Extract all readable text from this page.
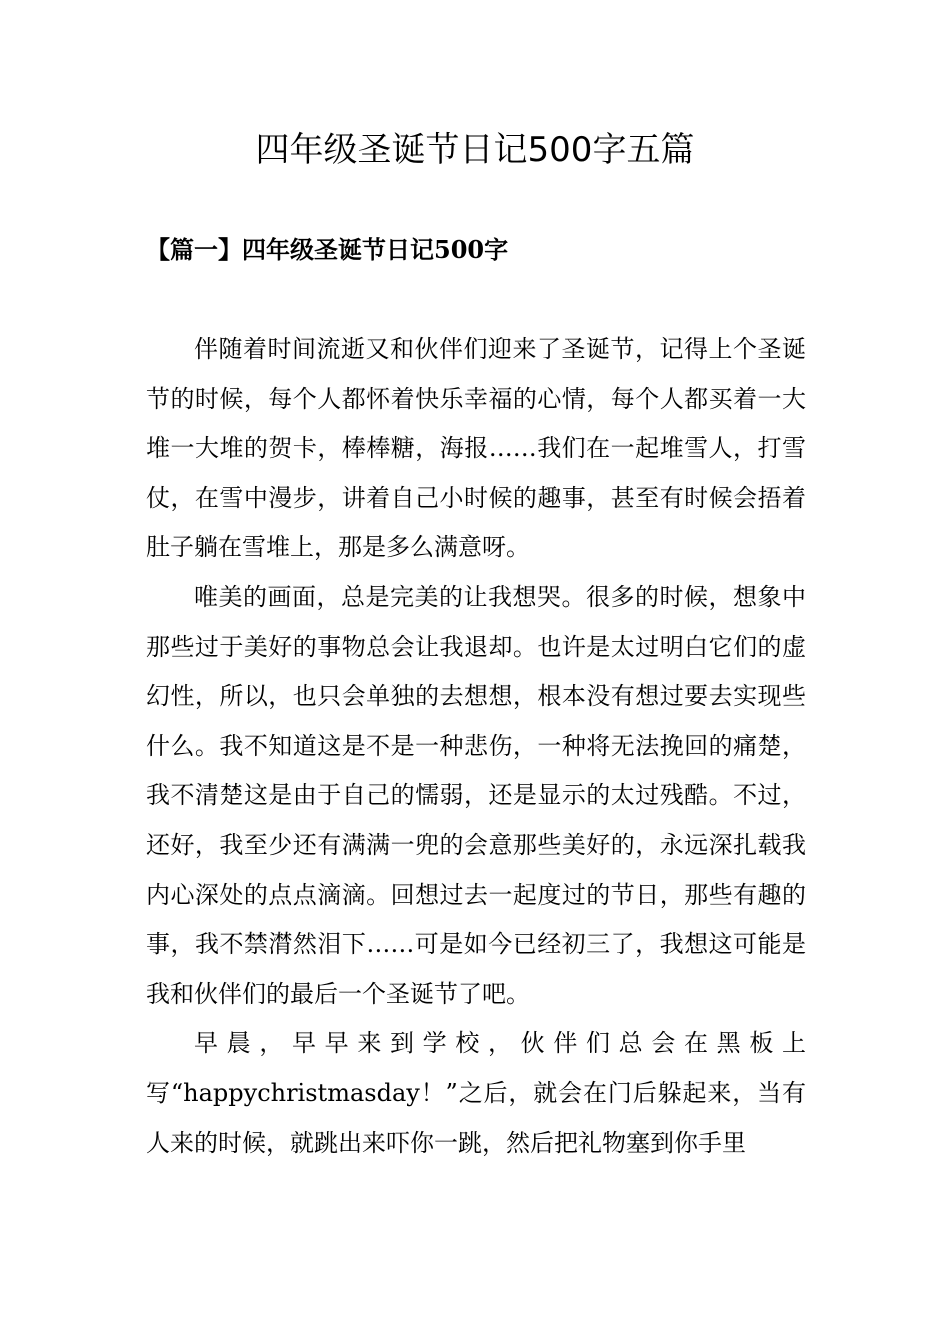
四年级圣诞节日记500字五篇
【篇一】四年级圣诞节日记500字

伴随着时间流逝又和伙伴们迎来了圣诞节，记得上个圣诞节的时候，每个人都怀着快乐幸福的心情，每个人都买着一大堆一大堆的贺卡，棒棒糖，海报……我们在一起堆雪人，打雪仗，在雪中漫步，讲着自己小时候的趣事，甚至有时候会捂着肚子躺在雪堆上，那是多么满意呀。

唯美的画面，总是完美的让我想哭。很多的时候，想象中那些过于美好的事物总会让我退却。也许是太过明白它们的虚幻性，所以，也只会单独的去想想，根本没有想过要去实现些什么。我不知道这是不是一种悲伤，一种将无法挽回的痛楚，我不清楚这是由于自己的懦弱，还是显示的太过残酷。不过，还好，我至少还有满满一兜的会意那些美好的，永远深扎载我内心深处的点点滴滴。回想过去一起度过的节日，那些有趣的事，我不禁潸然泪下……可是如今已经初三了，我想这可能是我和伙伴们的最后一个圣诞节了吧。

早晨，早早来到学校，伙伴们总会在黑板上写“happychristmasday！”之后，就会在门后躲起来，当有人来的时候，就跳出来吓你一跳，然后把礼物塞到你手里
